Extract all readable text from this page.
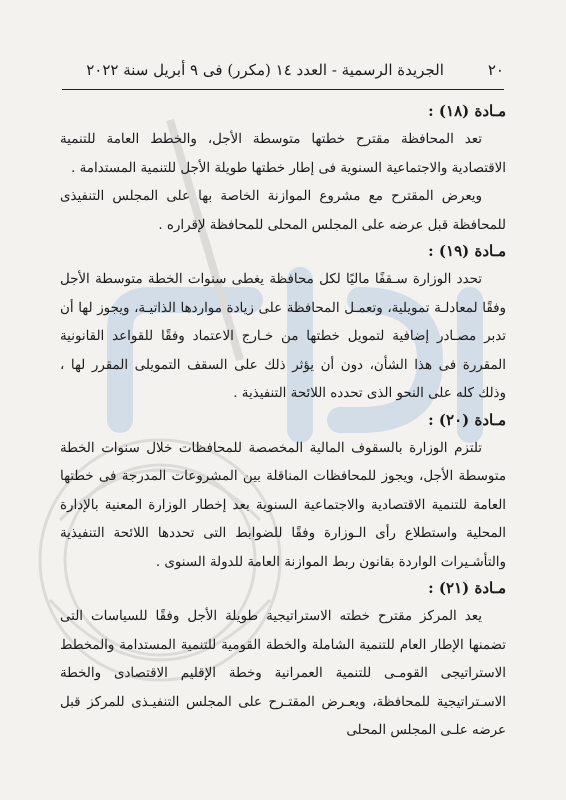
٢٠
الجريدة الرسمية - العدد ١٤ (مكرر) فى ٩ أبريل سنة ٢٠٢٢

مـادة (١٨) :

تعد المحافظة مقترح خطتها متوسطة الأجل، والخطط العامة للتنمية الاقتصادية والاجتماعية السنوية فى إطار خطتها طويلة الأجل للتنمية المستدامة .

ويعرض المقترح مع مشروع الموازنة الخاصة بها على المجلس التنفيذى للمحافظة قبل عرضه على المجلس المحلى للمحافظة لإقراره .

مـادة (١٩) :

تحدد الوزارة سـقفًا ماليًا لكل محافظة يغطى سنوات الخطة متوسطة الأجل وفقًا لمعادلـة تمويلية، وتعمـل المحافظة على زيادة مواردها الذاتيـة، ويجوز لها أن تدبر مصـادر إضافية لتمويل خطتها من خـارج الاعتماد وفقًا للقواعد القانونية المقررة فى هذا الشأن، دون أن يؤثر ذلك على السقف التمويلى المقرر لها ، وذلك كله على النحو الذى تحدده اللائحة التنفيذية .

مـادة (٢٠) :

تلتزم الوزارة بالسقوف المالية المخصصة للمحافظات خلال سنوات الخطة متوسطة الأجل، ويجوز للمحافظات المناقلة بين المشروعات المدرجة فى خطتها العامة للتنمية الاقتصادية والاجتماعية السنوية بعد إخطار الوزارة المعنية بالإدارة المحلية واستطلاع رأى الـوزارة وفقًا للضوابط التى تحددها اللائحة التنفيذية والتأشـيرات الواردة بقانون ربط الموازنة العامة للدولة السنوى .

مـادة (٢١) :

يعد المركز مقترح خطته الاستراتيجية طويلة الأجل وفقًا للسياسات التى تضمنها الإطار العام للتنمية الشاملة والخطة القومية للتنمية المستدامة والمخطط الاستراتيجى القومـى للتنمية العمرانية وخطة الإقليم الاقتصادى والخطة الاسـتراتيجية للمحافظة، ويعـرض المقتـرح على المجلس التنفيـذى للمركز قبل عرضه علـى المجلس المحلى
